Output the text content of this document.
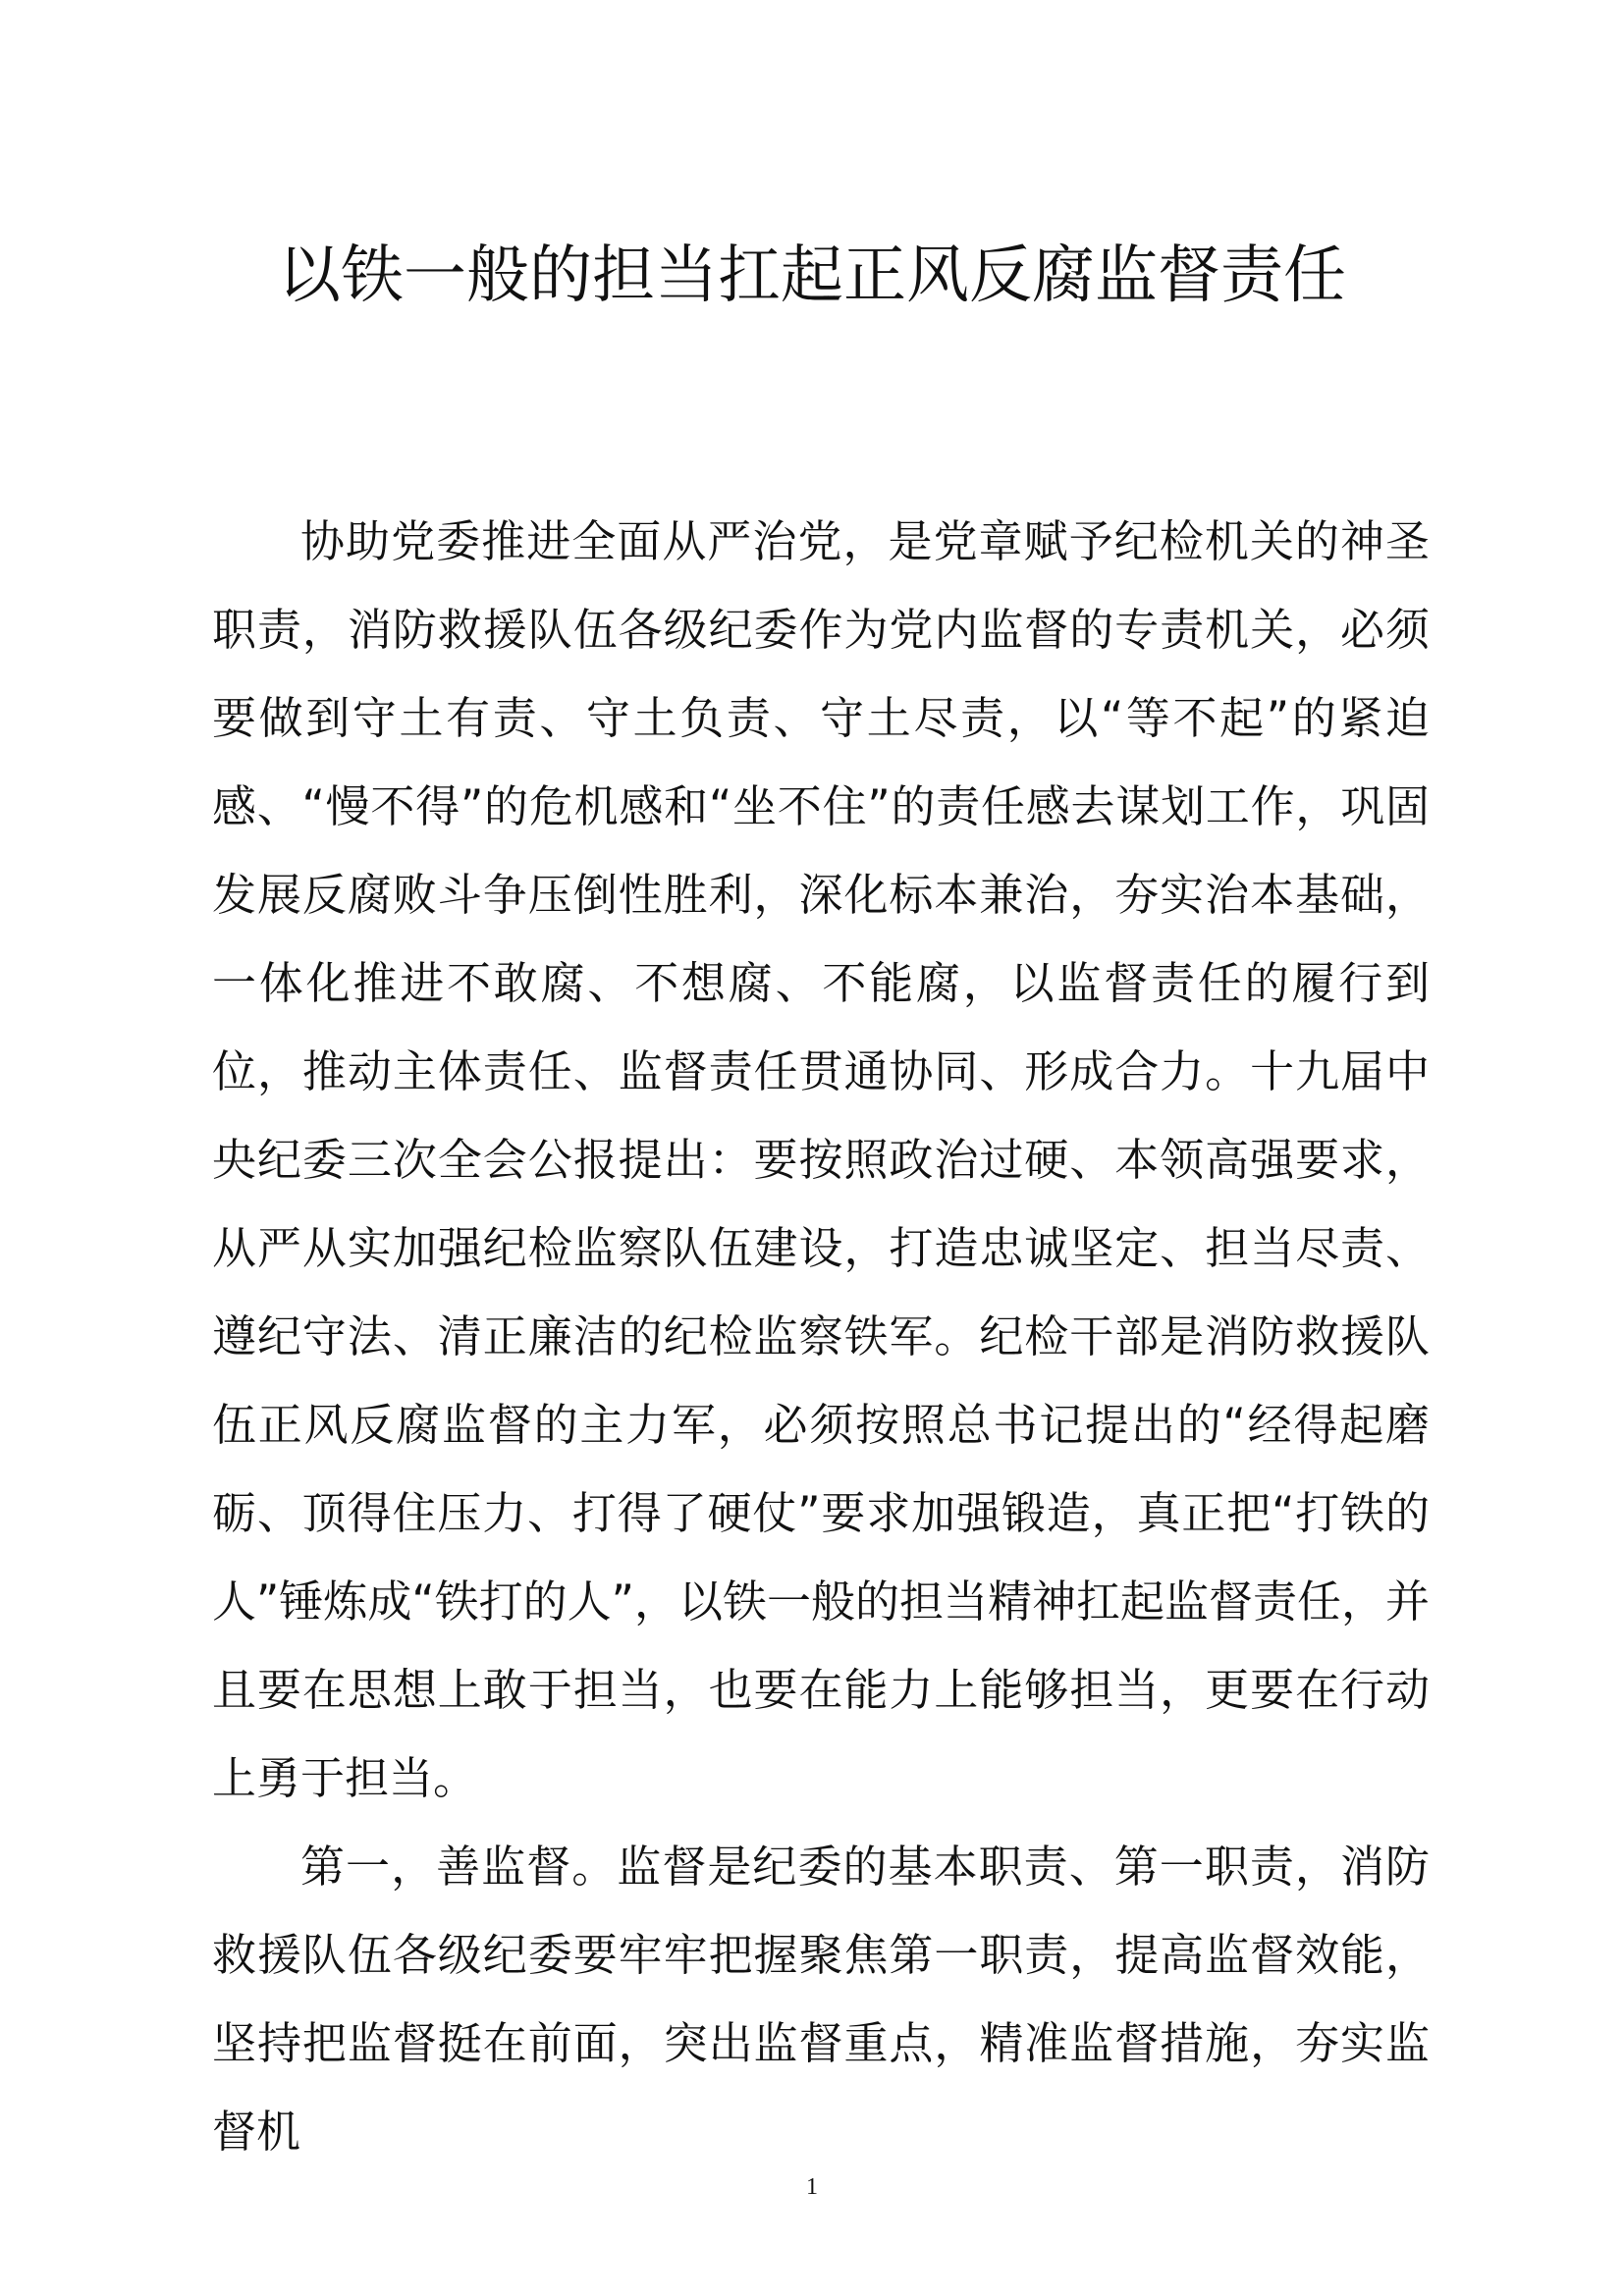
以铁一般的担当扛起正风反腐监督责任

协助党委推进全面从严治党，是党章赋予纪检机关的神圣职责，消防救援队伍各级纪委作为党内监督的专责机关，必须要做到守土有责、守土负责、守土尽责，以“等不起”的紧迫感、“慢不得”的危机感和“坐不住”的责任感去谋划工作，巩固发展反腐败斗争压倒性胜利，深化标本兼治，夯实治本基础，一体化推进不敢腐、不想腐、不能腐，以监督责任的履行到位，推动主体责任、监督责任贯通协同、形成合力。十九届中央纪委三次全会公报提出：要按照政治过硬、本领高强要求，从严从实加强纪检监察队伍建设，打造忠诚坚定、担当尽责、遵纪守法、清正廉洁的纪检监察铁军。纪检干部是消防救援队伍正风反腐监督的主力军，必须按照总书记提出的“经得起磨砺、顶得住压力、打得了硬仗”要求加强锻造，真正把“打铁的人”锤炼成“铁打的人”，以铁一般的担当精神扛起监督责任，并且要在思想上敢于担当，也要在能力上能够担当，更要在行动上勇于担当。

第一，善监督。监督是纪委的基本职责、第一职责，消防救援队伍各级纪委要牢牢把握聚焦第一职责，提高监督效能，坚持把监督挺在前面，突出监督重点，精准监督措施，夯实监督机

1
